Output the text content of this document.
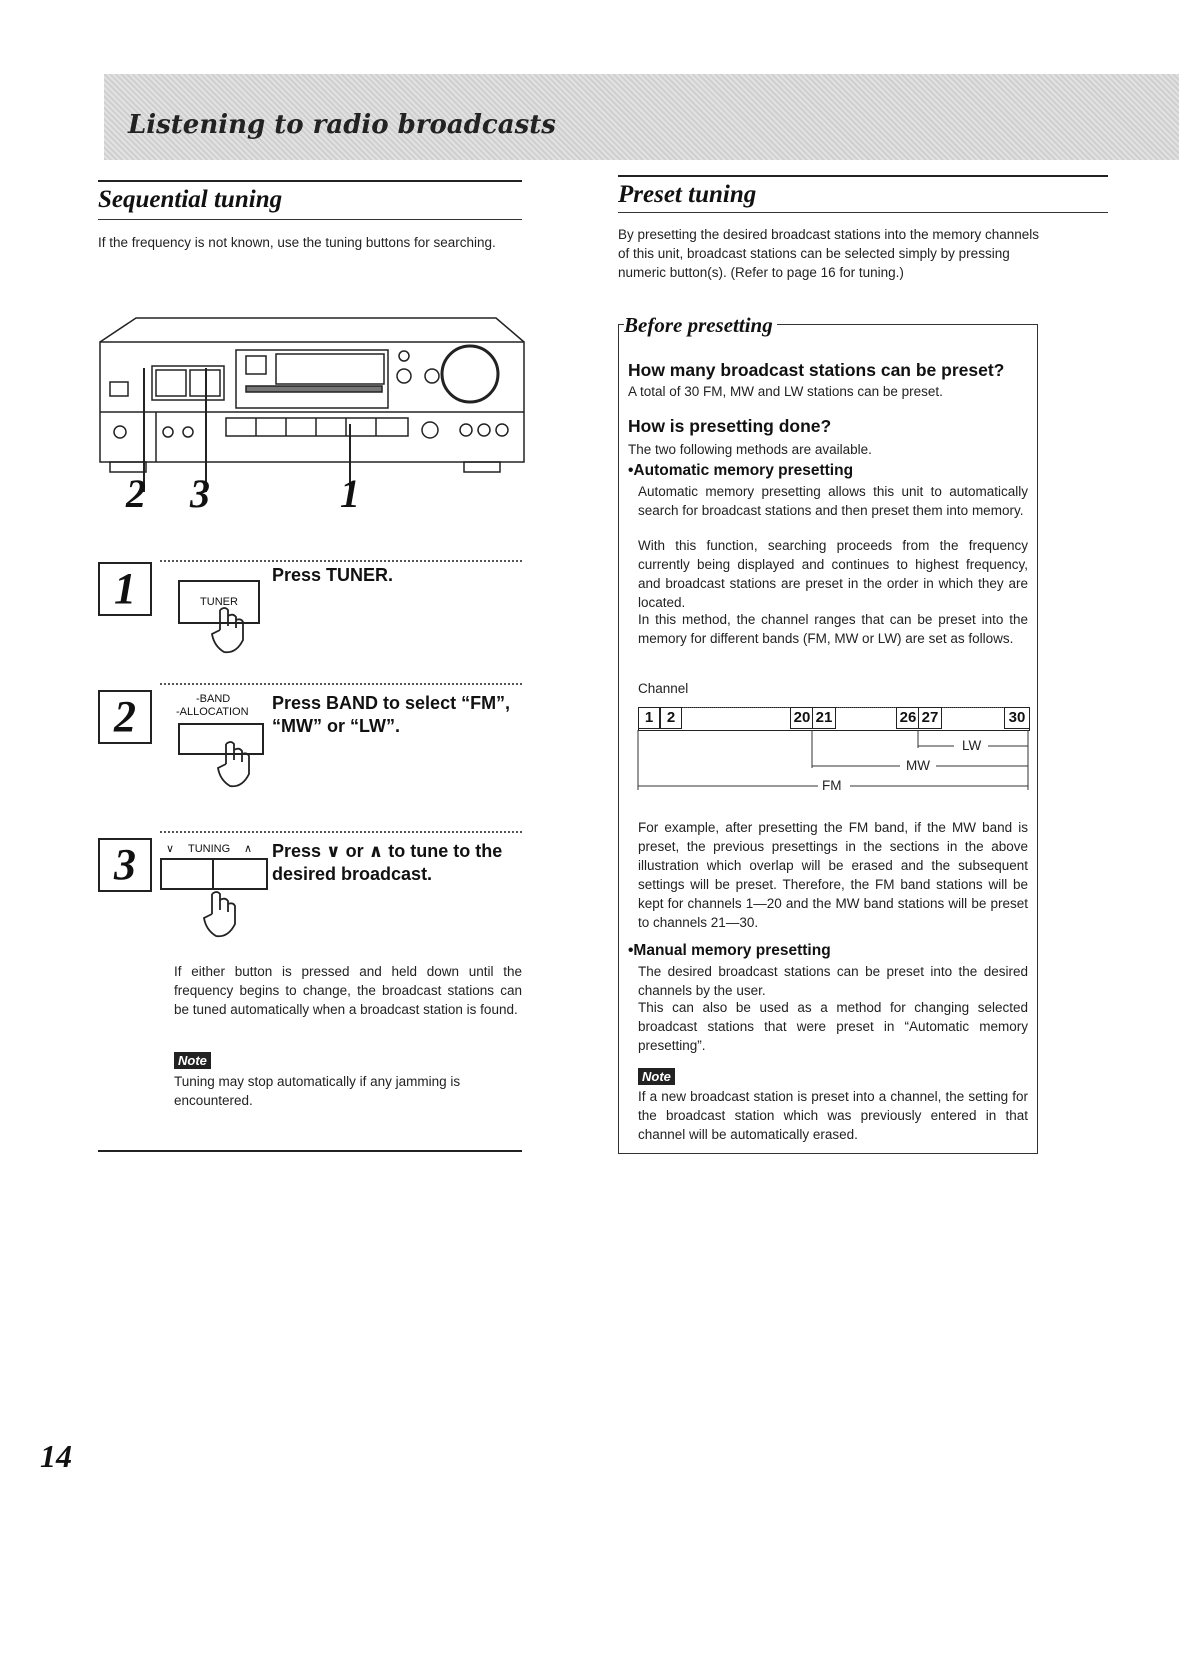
Listening to radio broadcasts
Sequential tuning
If the frequency is not known, use the tuning buttons for searching.
2 3	1
1	TUNER
Press TUNER.
2	-BAND
-ALLOCATION Press BAND to select “FM”, “MW” or “LW”.
3	∨ TUNING ∧ Press ∨ or ∧ to tune to the desired broadcast.
If either button is pressed and held down until the frequency begins to change, the broadcast stations can be tuned automatically when a broadcast station is found.
Note
Tuning may stop automatically if any jamming is encountered.
Preset tuning
By presetting the desired broadcast stations into the memory channels of this unit, broadcast stations can be selected simply by pressing numeric button(s). (Refer to page 16 for tuning.)
Before presetting
How many broadcast stations can be preset?
A total of 30 FM, MW and LW stations can be preset.
How is presetting done?
The two following methods are available.
•Automatic memory presetting
Automatic memory presetting allows this unit to automatically search for broadcast stations and then preset them into memory.
With this function, searching proceeds from the frequency currently being displayed and continues to highest frequency, and broadcast stations are preset in the order in which they are located.
In this method, the channel ranges that can be preset into the memory for different bands (FM, MW or LW) are set as follows.
Channel
1 2	20 21	26 27	30
LW
MW
FM
For example, after presetting the FM band, if the MW band is preset, the previous presettings in the sections in the above illustration which overlap will be erased and the subsequent settings will be preset. Therefore, the FM band stations will be kept for channels 1—20 and the MW band stations will be preset to channels 21—30.
•Manual memory presetting
The desired broadcast stations can be preset into the desired channels by the user.
This can also be used as a method for changing selected broadcast stations that were preset in “Automatic memory presetting”.
Note
If a new broadcast station is preset into a channel, the setting for the broadcast station which was previously entered in that channel will be automatically erased.
14
